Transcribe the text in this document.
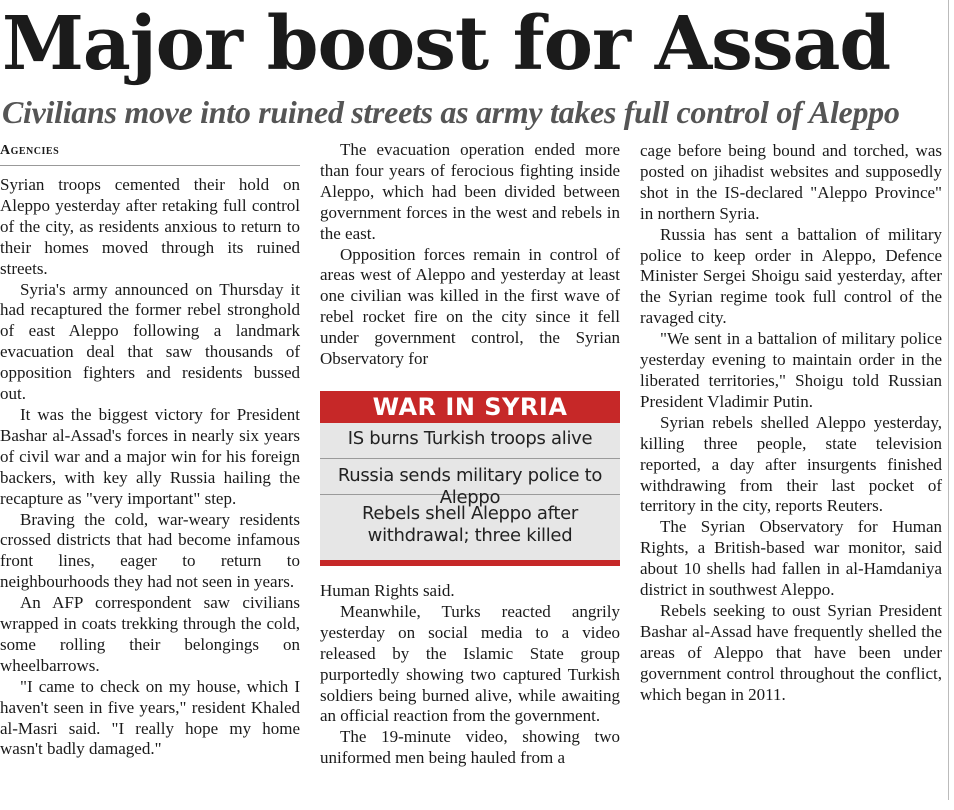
Major boost for Assad
Civilians move into ruined streets as army takes full control of Aleppo
Agencies

Syrian troops cemented their hold on Aleppo yesterday after retaking full control of the city, as residents anxious to return to their homes moved through its ruined streets.

Syria's army announced on Thursday it had recaptured the former rebel stronghold of east Aleppo following a landmark evacuation deal that saw thousands of opposition fighters and residents bussed out.

It was the biggest victory for President Bashar al-Assad's forces in nearly six years of civil war and a major win for his foreign backers, with key ally Russia hailing the recapture as "very important" step.

Braving the cold, war-weary residents crossed districts that had become infamous front lines, eager to return to neighbourhoods they had not seen in years.

An AFP correspondent saw civilians wrapped in coats trekking through the cold, some rolling their belongings on wheelbarrows.

"I came to check on my house, which I haven't seen in five years," resident Khaled al-Masri said. "I really hope my home wasn't badly damaged."

The evacuation operation ended more than four years of ferocious fighting inside Aleppo, which had been divided between government forces in the west and rebels in the east.

Opposition forces remain in control of areas west of Aleppo and yesterday at least one civilian was killed in the first wave of rebel rocket fire on the city since it fell under government control, the Syrian Observatory for

WAR IN SYRIA
IS burns Turkish troops alive
Russia sends military police to Aleppo
Rebels shell Aleppo after withdrawal; three killed

Human Rights said.

Meanwhile, Turks reacted angrily yesterday on social media to a video released by the Islamic State group purportedly showing two captured Turkish soldiers being burned alive, while awaiting an official reaction from the government.

The 19-minute video, showing two uniformed men being hauled from a

cage before being bound and torched, was posted on jihadist websites and supposedly shot in the IS-declared "Aleppo Province" in northern Syria.

Russia has sent a battalion of military police to keep order in Aleppo, Defence Minister Sergei Shoigu said yesterday, after the Syrian regime took full control of the ravaged city.

"We sent in a battalion of military police yesterday evening to maintain order in the liberated territories," Shoigu told Russian President Vladimir Putin.

Syrian rebels shelled Aleppo yesterday, killing three people, state television reported, a day after insurgents finished withdrawing from their last pocket of territory in the city, reports Reuters.

The Syrian Observatory for Human Rights, a British-based war monitor, said about 10 shells had fallen in al-Hamdaniya district in southwest Aleppo.

Rebels seeking to oust Syrian President Bashar al-Assad have frequently shelled the areas of Aleppo that have been under government control throughout the conflict, which began in 2011.
